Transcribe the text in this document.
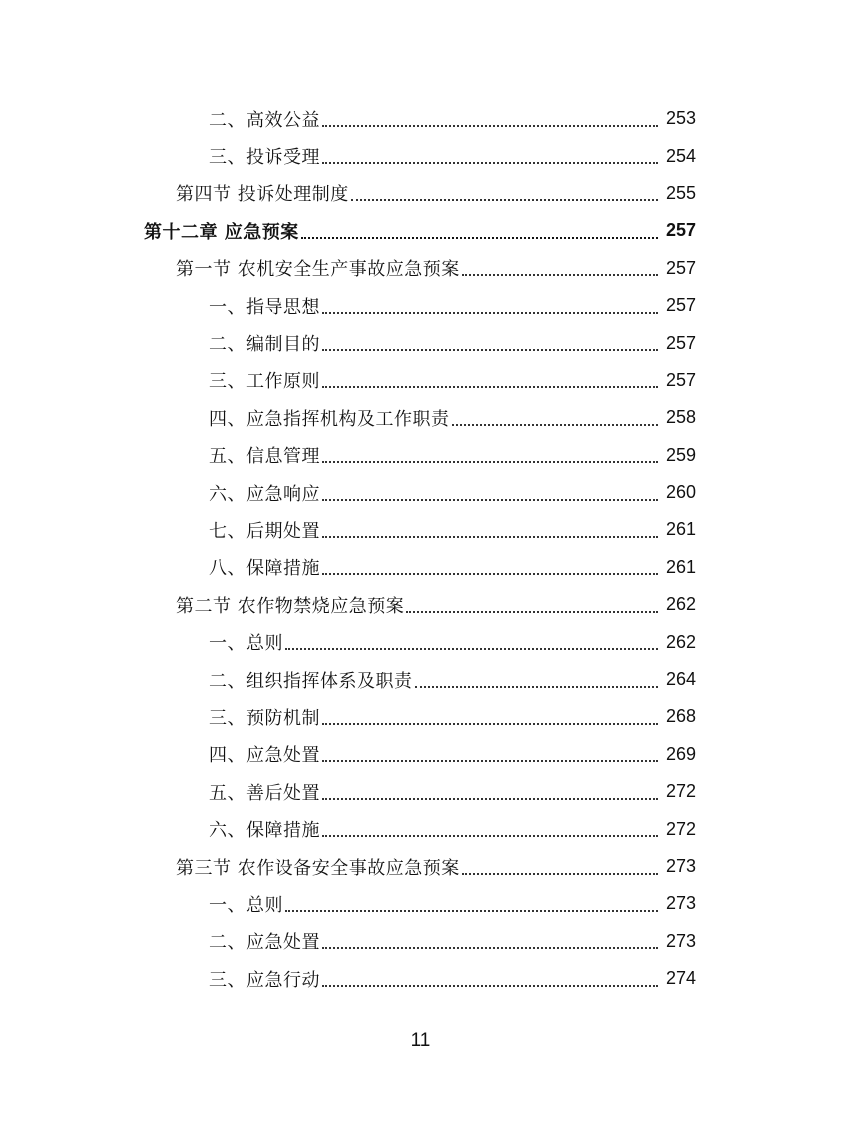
二、高效公益	253
三、投诉受理	254
第四节 投诉处理制度	255
第十二章 应急预案	257
第一节 农机安全生产事故应急预案	257
一、指导思想	257
二、编制目的	257
三、工作原则	257
四、应急指挥机构及工作职责	258
五、信息管理	259
六、应急响应	260
七、后期处置	261
八、保障措施	261
第二节 农作物禁烧应急预案	262
一、总则	262
二、组织指挥体系及职责	264
三、预防机制	268
四、应急处置	269
五、善后处置	272
六、保障措施	272
第三节 农作设备安全事故应急预案	273
一、总则	273
二、应急处置	273
三、应急行动	274
11
